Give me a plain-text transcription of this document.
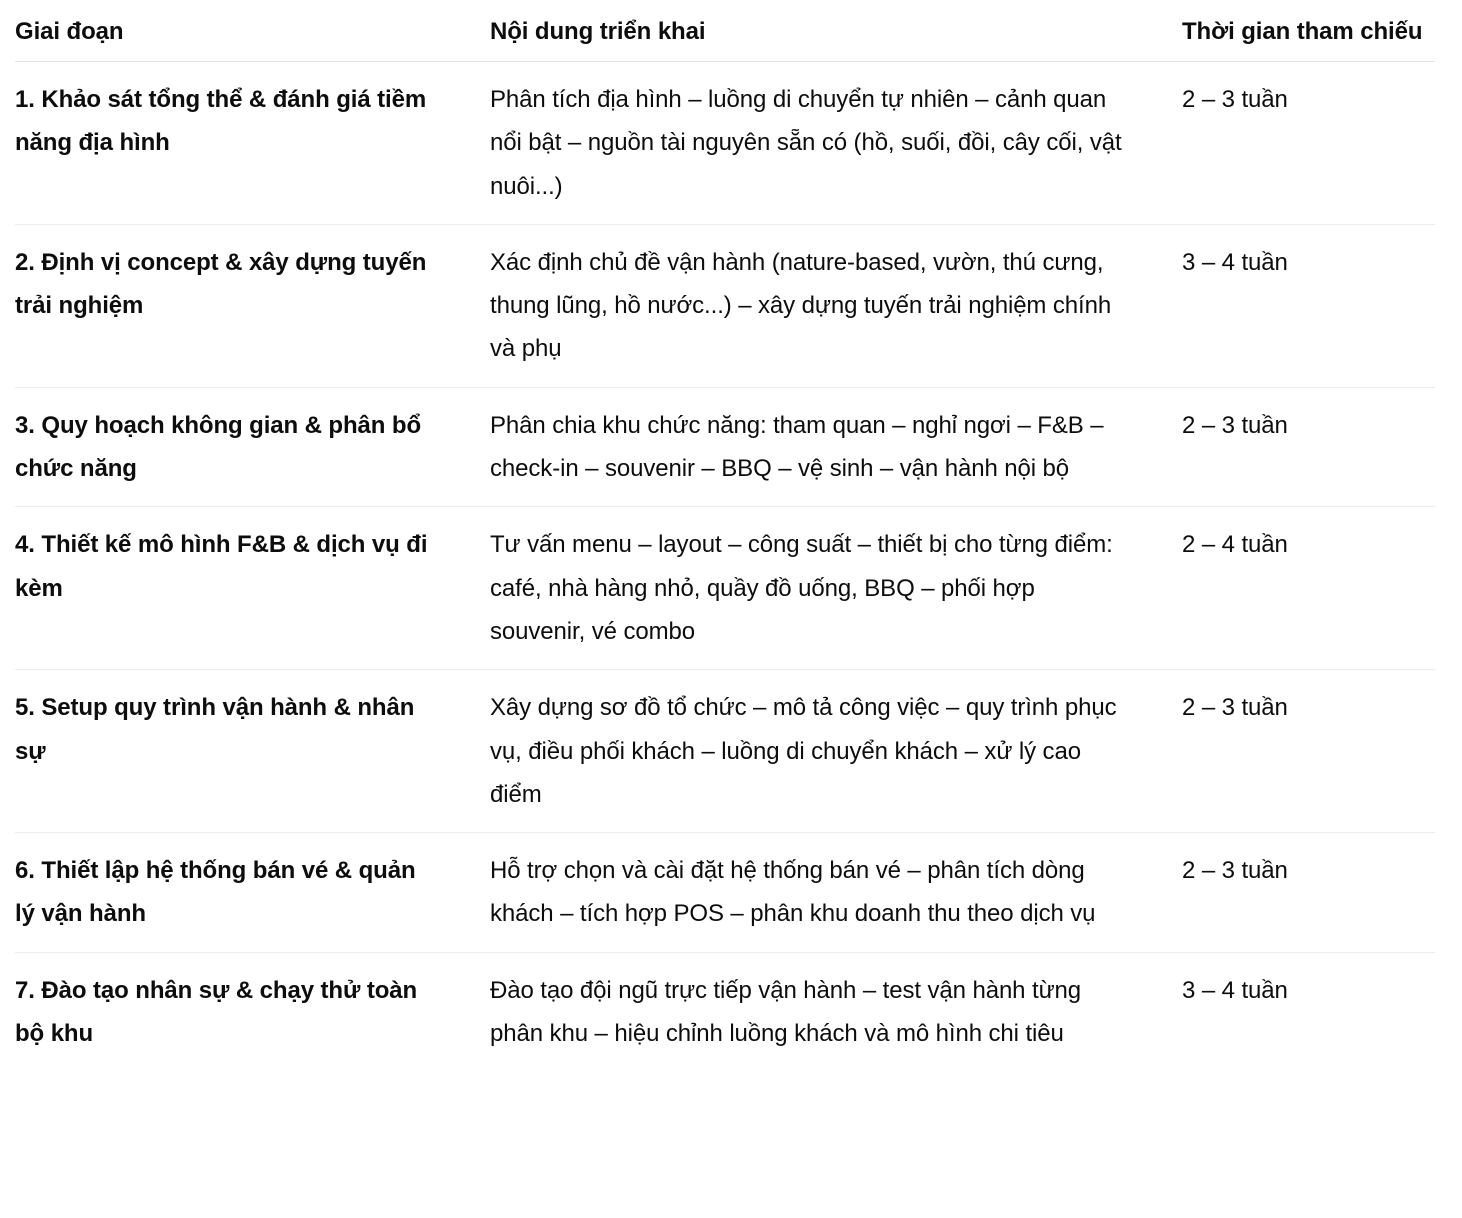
Giai đoạn	Nội dung triển khai	Thời gian tham chiếu
1. Khảo sát tổng thể & đánh giá tiềm năng địa hình	Phân tích địa hình – luồng di chuyển tự nhiên – cảnh quan nổi bật – nguồn tài nguyên sẵn có (hồ, suối, đồi, cây cối, vật nuôi...)	2 – 3 tuần
2. Định vị concept & xây dựng tuyến trải nghiệm	Xác định chủ đề vận hành (nature-based, vườn, thú cưng, thung lũng, hồ nước...) – xây dựng tuyến trải nghiệm chính và phụ	3 – 4 tuần
3. Quy hoạch không gian & phân bổ chức năng	Phân chia khu chức năng: tham quan – nghỉ ngơi – F&B – check-in – souvenir – BBQ – vệ sinh – vận hành nội bộ	2 – 3 tuần
4. Thiết kế mô hình F&B & dịch vụ đi kèm	Tư vấn menu – layout – công suất – thiết bị cho từng điểm: café, nhà hàng nhỏ, quầy đồ uống, BBQ – phối hợp souvenir, vé combo	2 – 4 tuần
5. Setup quy trình vận hành & nhân sự	Xây dựng sơ đồ tổ chức – mô tả công việc – quy trình phục vụ, điều phối khách – luồng di chuyển khách – xử lý cao điểm	2 – 3 tuần
6. Thiết lập hệ thống bán vé & quản lý vận hành	Hỗ trợ chọn và cài đặt hệ thống bán vé – phân tích dòng khách – tích hợp POS – phân khu doanh thu theo dịch vụ	2 – 3 tuần
7. Đào tạo nhân sự & chạy thử toàn bộ khu	Đào tạo đội ngũ trực tiếp vận hành – test vận hành từng phân khu – hiệu chỉnh luồng khách và mô hình chi tiêu	3 – 4 tuần
